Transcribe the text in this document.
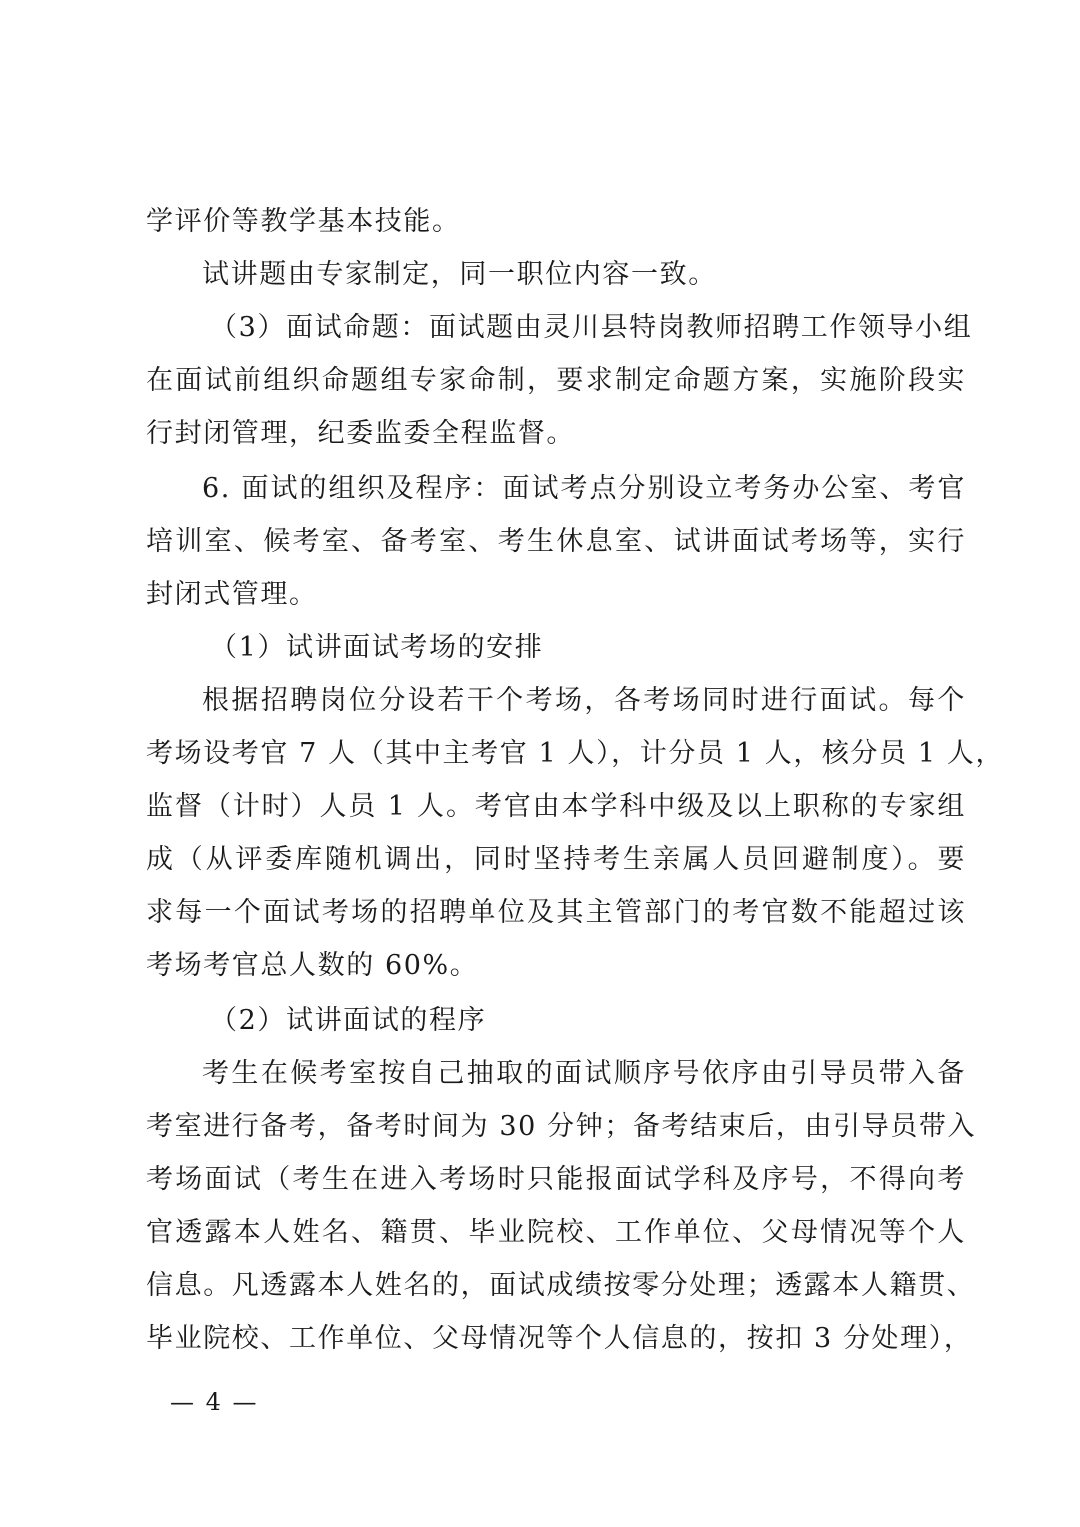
学评价等教学基本技能。
试讲题由专家制定，同一职位内容一致。
（3）面试命题：面试题由灵川县特岗教师招聘工作领导小组
在面试前组织命题组专家命制，要求制定命题方案，实施阶段实
行封闭管理，纪委监委全程监督。
6. 面试的组织及程序：面试考点分别设立考务办公室、考官
培训室、候考室、备考室、考生休息室、试讲面试考场等，实行
封闭式管理。
（1）试讲面试考场的安排
根据招聘岗位分设若干个考场，各考场同时进行面试。每个
考场设考官 7 人（其中主考官 1 人），计分员 1 人，核分员 1 人，
监督（计时）人员 1 人。考官由本学科中级及以上职称的专家组
成（从评委库随机调出，同时坚持考生亲属人员回避制度）。要
求每一个面试考场的招聘单位及其主管部门的考官数不能超过该
考场考官总人数的 60%。
（2）试讲面试的程序
考生在候考室按自己抽取的面试顺序号依序由引导员带入备
考室进行备考，备考时间为 30 分钟；备考结束后，由引导员带入
考场面试（考生在进入考场时只能报面试学科及序号，不得向考
官透露本人姓名、籍贯、毕业院校、工作单位、父母情况等个人
信息。凡透露本人姓名的，面试成绩按零分处理；透露本人籍贯、
毕业院校、工作单位、父母情况等个人信息的，按扣 3 分处理），
— 4 —
